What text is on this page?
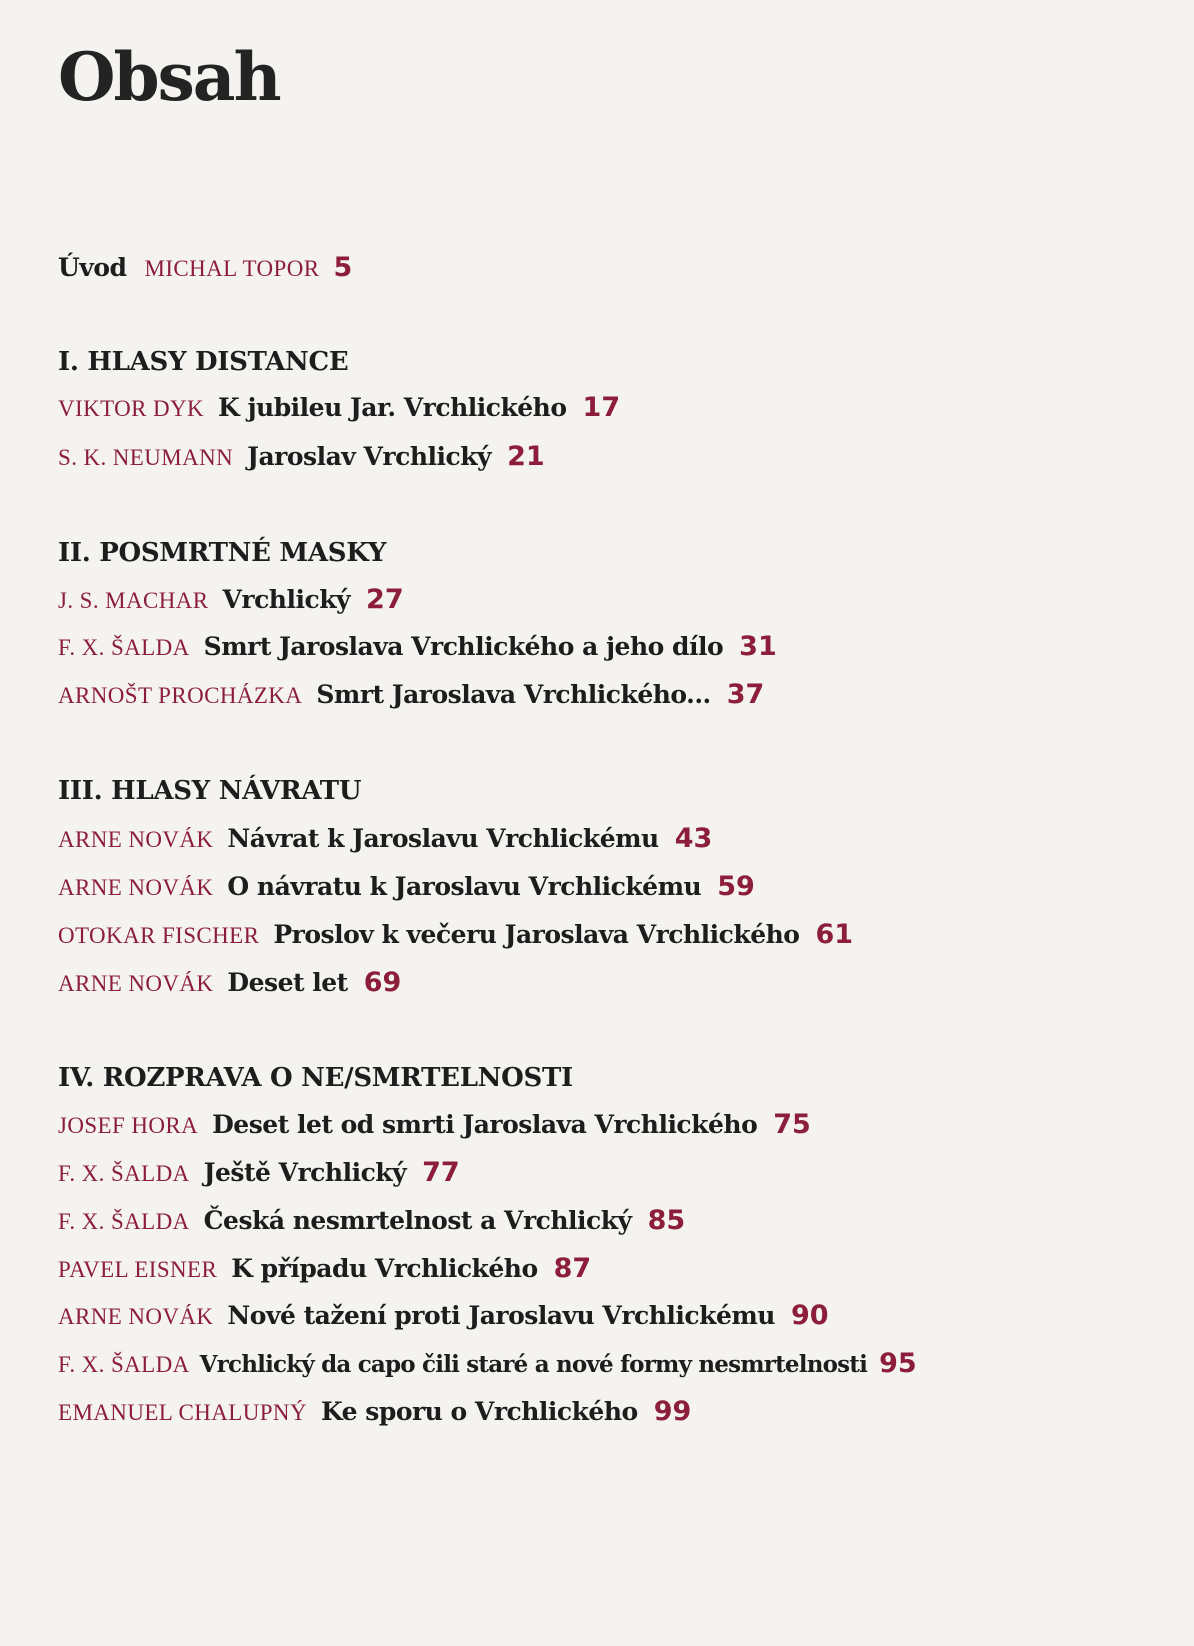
Obsah
Úvod MICHAL TOPOR 5
I. HLASY DISTANCE
VIKTOR DYK K jubileu Jar. Vrchlického 17
S. K. NEUMANN Jaroslav Vrchlický 21
II. POSMRTNÉ MASKY
J. S. MACHAR Vrchlický 27
F. X. ŠALDA Smrt Jaroslava Vrchlického a jeho dílo 31
ARNOŠT PROCHÁZKA Smrt Jaroslava Vrchlického... 37
III. HLASY NÁVRATU
ARNE NOVÁK Návrat k Jaroslavu Vrchlickému 43
ARNE NOVÁK O návratu k Jaroslavu Vrchlickému 59
OTOKAR FISCHER Proslov k večeru Jaroslava Vrchlického 61
ARNE NOVÁK Deset let 69
IV. ROZPRAVA O NE/SMRTELNOSTI
JOSEF HORA Deset let od smrti Jaroslava Vrchlického 75
F. X. ŠALDA Ještě Vrchlický 77
F. X. ŠALDA Česká nesmrtelnost a Vrchlický 85
PAVEL EISNER K případu Vrchlického 87
ARNE NOVÁK Nové tažení proti Jaroslavu Vrchlickému 90
F. X. ŠALDA Vrchlický da capo čili staré a nové formy nesmrtelnosti 95
EMANUEL CHALUPNÝ Ke sporu o Vrchlického 99
